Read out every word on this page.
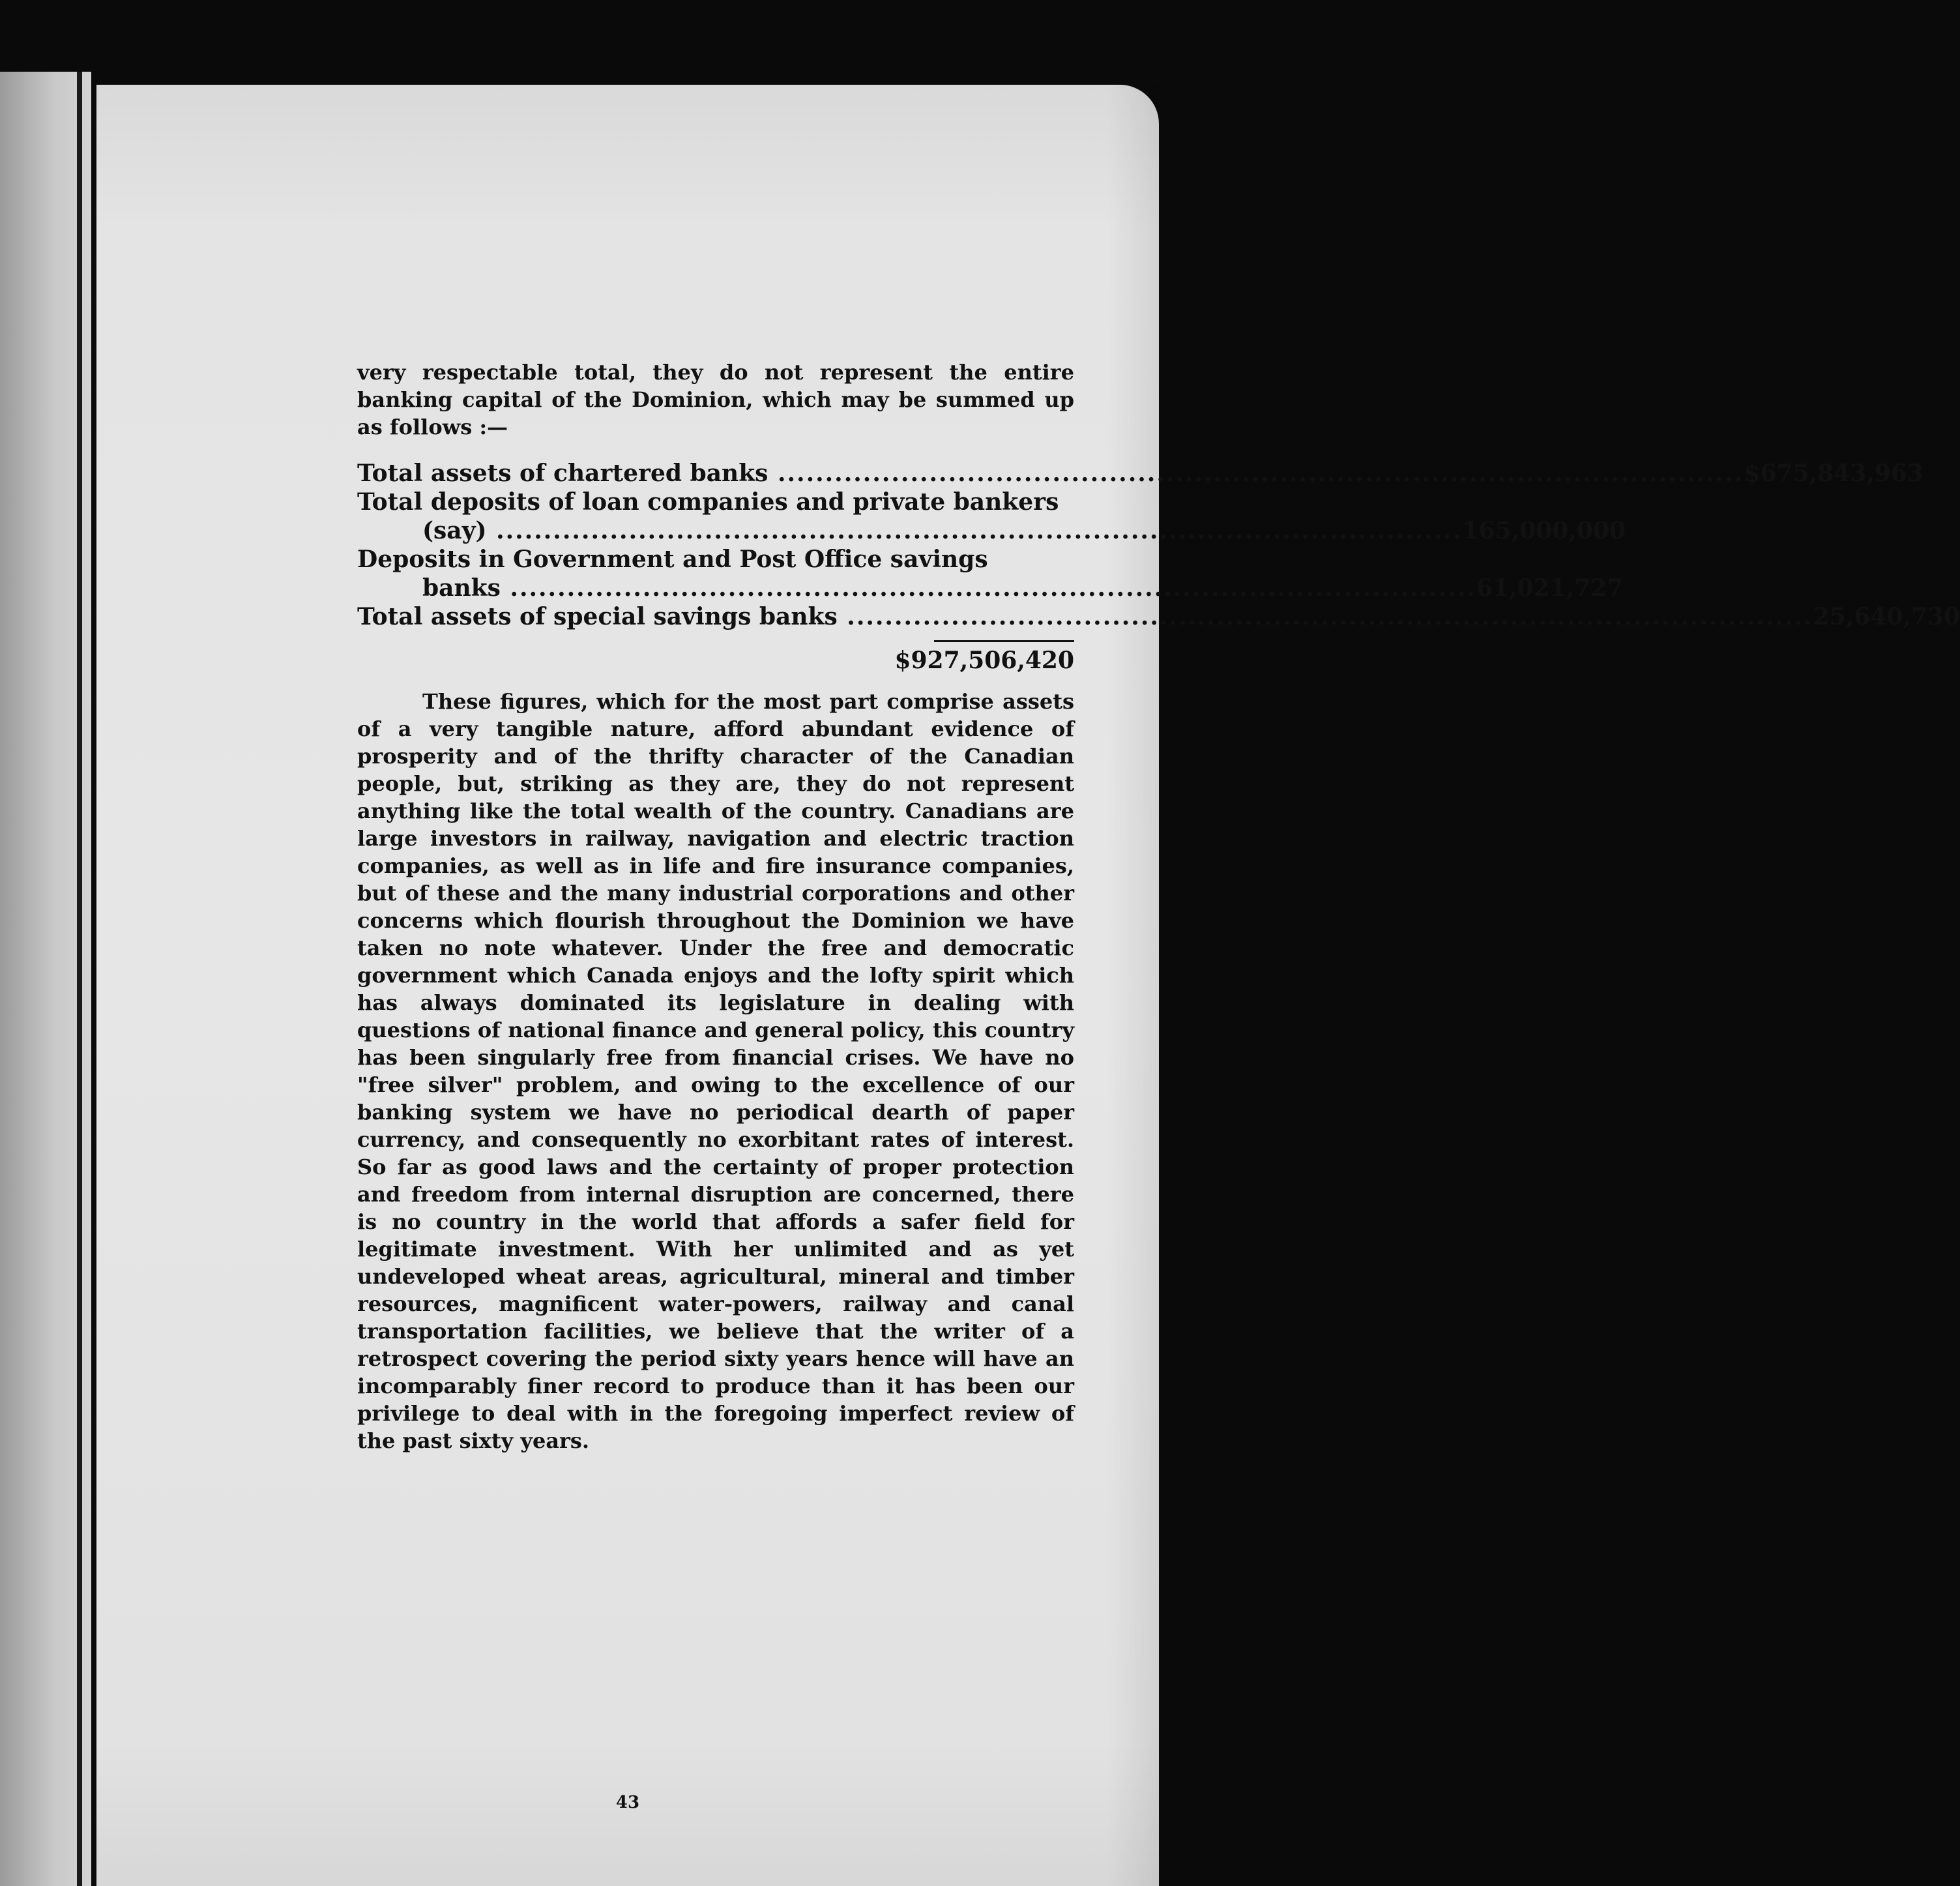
very respectable total, they do not represent the entire banking capital of the Dominion, which may be summed up as follows :—

Total assets of chartered banks .....	$675,843,963
Total deposits of loan companies and private bankers
(say) .....	165,000,000
Deposits in Government and Post Office savings
banks .....	61,021,727
Total assets of special savings banks .....	25,640,730
$927,506,420

These figures, which for the most part comprise assets of a very tangible nature, afford abundant evidence of prosperity and of the thrifty character of the Canadian people, but, striking as they are, they do not represent anything like the total wealth of the country. Canadians are large investors in railway, navigation and electric traction companies, as well as in life and fire insurance companies, but of these and the many industrial corporations and other concerns which flourish throughout the Dominion we have taken no note whatever. Under the free and democratic government which Canada enjoys and the lofty spirit which has always dominated its legislature in dealing with questions of national finance and general policy, this country has been singularly free from financial crises. We have no "free silver" problem, and owing to the excellence of our banking system we have no periodical dearth of paper currency, and consequently no exorbitant rates of interest. So far as good laws and the certainty of proper protection and freedom from internal disruption are concerned, there is no country in the world that affords a safer field for legitimate investment. With her unlimited and as yet undeveloped wheat areas, agricultural, mineral and timber resources, magnificent water-powers, railway and canal transportation facilities, we believe that the writer of a retrospect covering the period sixty years hence will have an incomparably finer record to produce than it has been our privilege to deal with in the foregoing imperfect review of the past sixty years.

43
